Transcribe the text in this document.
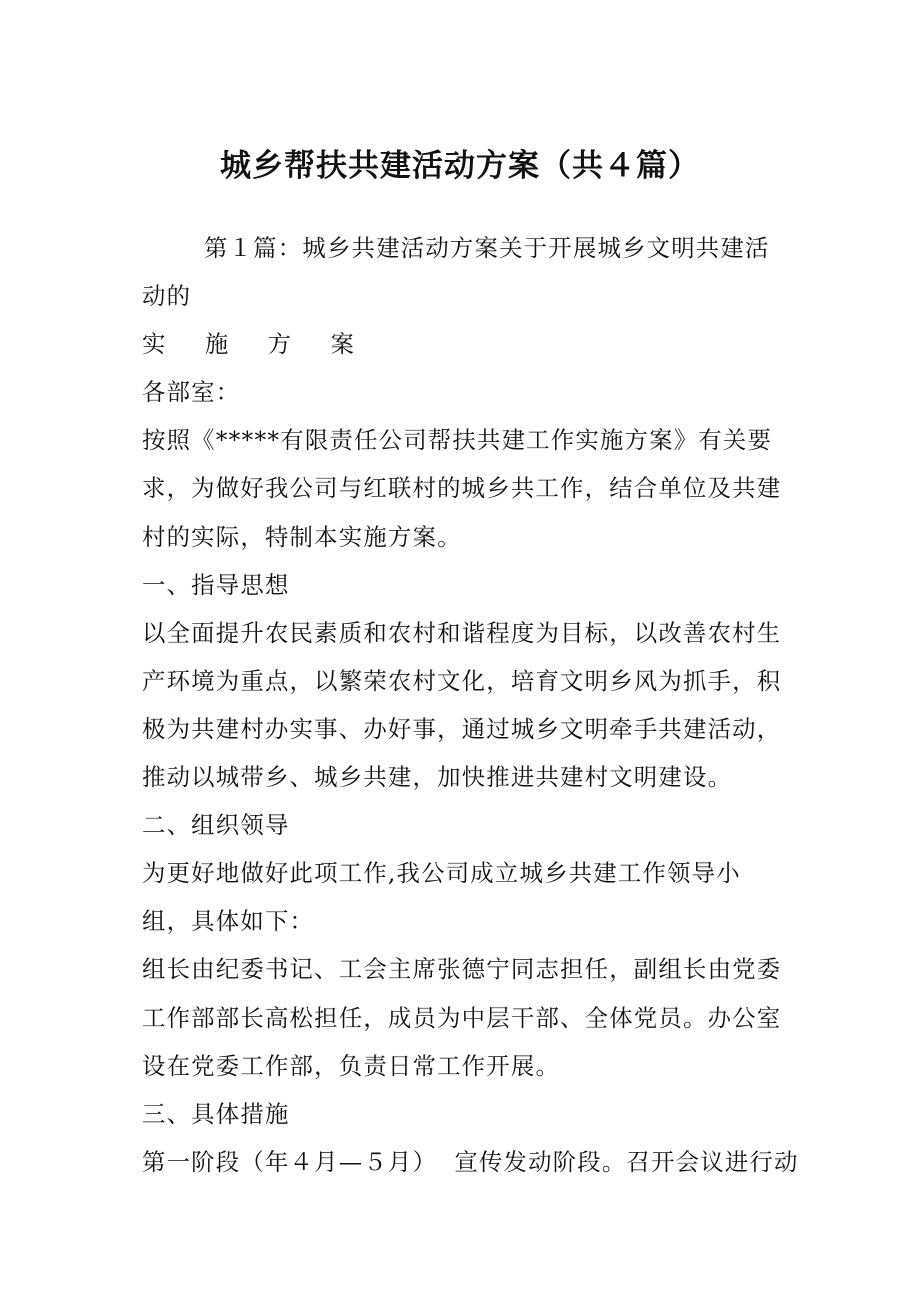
城乡帮扶共建活动方案（共４篇）

第１篇：城乡共建活动方案关于开展城乡文明共建活动的

实 施 方 案

各部室：

按照《*****有限责任公司帮扶共建工作实施方案》有关要求，为做好我公司与红联村的城乡共工作，结合单位及共建村的实际，特制本实施方案。

一、指导思想

以全面提升农民素质和农村和谐程度为目标，以改善农村生产环境为重点，以繁荣农村文化，培育文明乡风为抓手，积极为共建村办实事、办好事，通过城乡文明牵手共建活动，推动以城带乡、城乡共建，加快推进共建村文明建设。

二、组织领导

为更好地做好此项工作,我公司成立城乡共建工作领导小组，具体如下：

组长由纪委书记、工会主席张德宁同志担任，副组长由党委工作部部长高松担任，成员为中层干部、全体党员。办公室设在党委工作部，负责日常工作开展。

三、具体措施

第一阶段（年４月—５月）  宣传发动阶段。召开会议进行动
